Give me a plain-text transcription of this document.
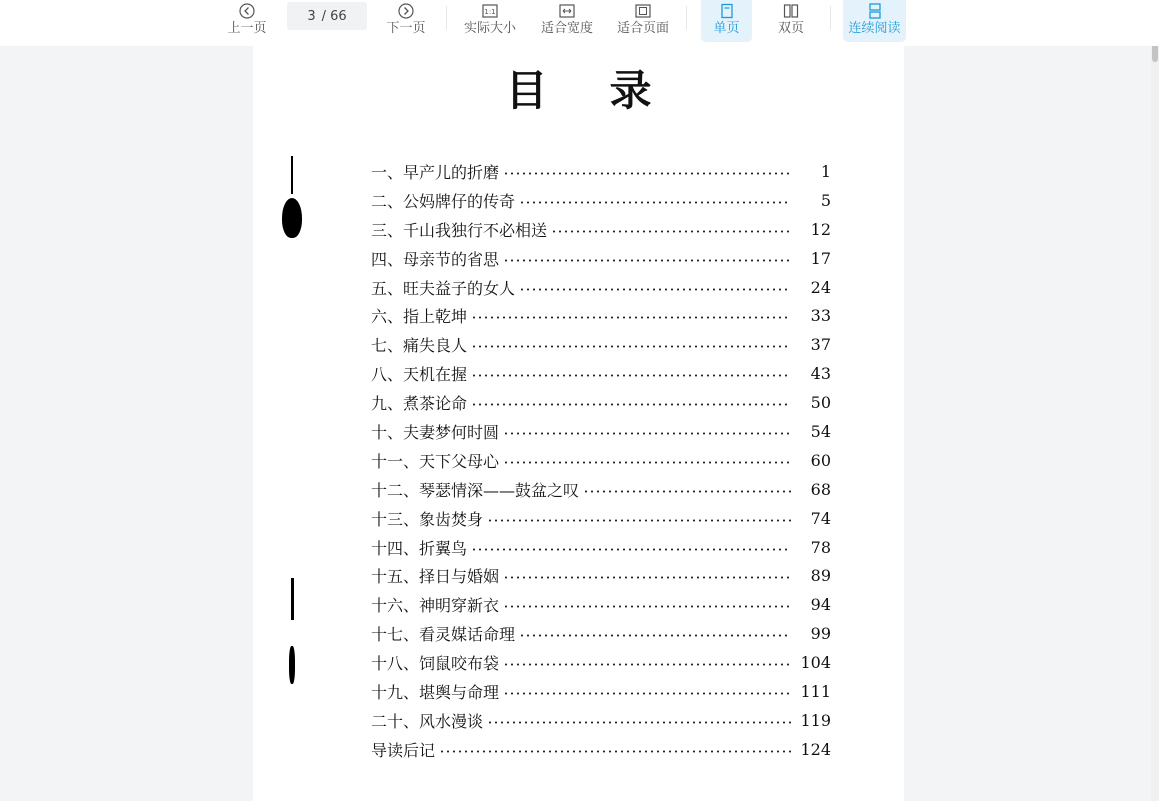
上一页
3 / 66
下一页
1:1
实际大小 适合宽度 适合页面	单页	双页	连续阅读
目录
一、早产儿的折磨	1
二、公妈牌仔的传奇	5
三、千山我独行不必相送	12
四、母亲节的省思	17
五、旺夫益子的女人	24
六、指上乾坤	33
七、痛失良人	37
八、天机在握	43
九、煮茶论命	50
十、夫妻梦何时圆	54
十一、天下父母心	60
十二、琴瑟情深——鼓盆之叹	68
十三、象齿焚身	74
十四、折翼鸟	78
十五、择日与婚姻	89
十六、神明穿新衣	94
十七、看灵媒话命理	99
十八、饲鼠咬布袋	104
十九、堪舆与命理	111
二十、风水漫谈	119
导读后记	124
